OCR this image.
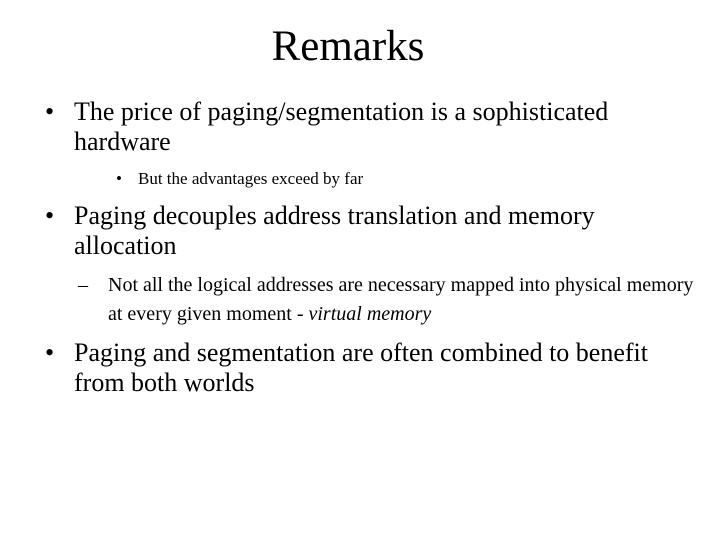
Remarks
• The price of paging/segmentation is a sophisticated hardware
• But the advantages exceed by far
• Paging decouples address translation and memory allocation
– Not all the logical addresses are necessary mapped into physical memory at every given moment - virtual memory
• Paging and segmentation are often combined to benefit from both worlds
